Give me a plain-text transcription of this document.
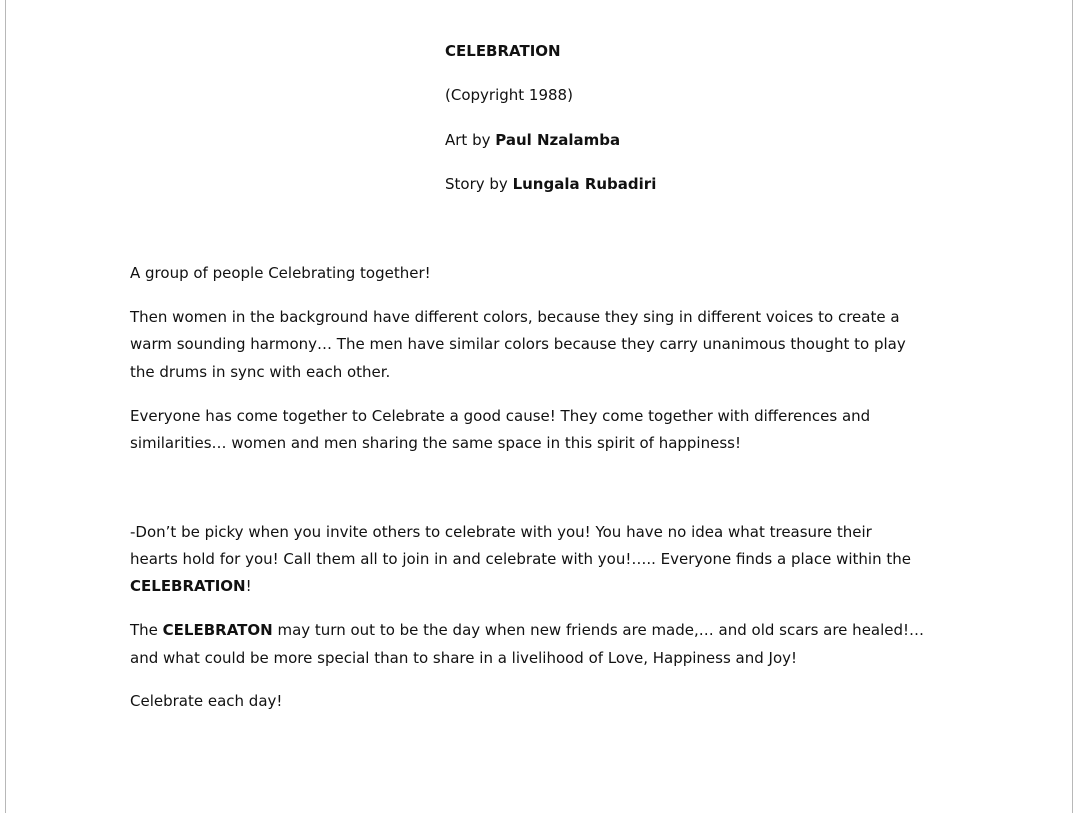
CELEBRATION
(Copyright 1988)
Art by Paul Nzalamba
Story by Lungala Rubadiri
A group of people Celebrating together!
Then women in the background have different colors, because they sing in different voices to create a
warm sounding harmony… The men have similar colors because they carry unanimous thought to play
the drums in sync with each other.
Everyone has come together to Celebrate a good cause! They come together with differences and
similarities… women and men sharing the same space in this spirit of happiness!
-Don’t be picky when you invite others to celebrate with you! You have no idea what treasure their
hearts hold for you! Call them all to join in and celebrate with you!….. Everyone finds a place within the
CELEBRATION!
The CELEBRATON may turn out to be the day when new friends are made,… and old scars are healed!…
and what could be more special than to share in a livelihood of Love, Happiness and Joy!
Celebrate each day!
